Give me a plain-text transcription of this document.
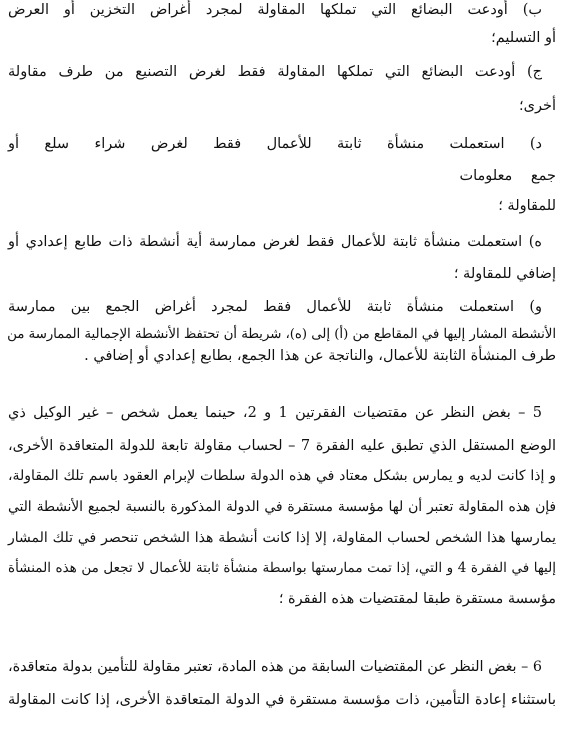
ب) أودعت البضائع التي تملكها المقاولة لمجرد أغراض التخزين أو العرض
أو التسليم؛
ج) أودعت البضائع التي تملكها المقاولة فقط لغرض التصنيع من طرف مقاولة
أخرى؛
د) استعملت منشأة ثابتة للأعمال فقط لغرض شراء سلع أو
جمع معلومات
للمقاولة ؛
ه) استعملت منشأة ثابتة للأعمال فقط لغرض ممارسة أية أنشطة ذات طابع إعدادي أو
إضافي للمقاولة ؛
و) استعملت منشأة ثابتة للأعمال فقط لمجرد أغراض الجمع بين ممارسة
الأنشطة المشار إليها في المقاطع من (أ) إلى (ه)، شريطة أن تحتفظ الأنشطة الإجمالية الممارسة من
طرف المنشأة الثابتة للأعمال، والناتجة عن هذا الجمع، بطابع إعدادي أو إضافي .
5 – بغض النظر عن مقتضيات الفقرتين 1 و 2، حينما يعمل شخص – غير الوكيل ذي
الوضع المستقل الذي تطبق عليه الفقرة 7 – لحساب مقاولة تابعة للدولة المتعاقدة الأخرى،
و إذا كانت لديه و يمارس بشكل معتاد في هذه الدولة سلطات لإبرام العقود باسم تلك المقاولة،
فإن هذه المقاولة تعتبر أن لها مؤسسة مستقرة في الدولة المذكورة بالنسبة لجميع الأنشطة التي
يمارسها هذا الشخص لحساب المقاولة، إلا إذا كانت أنشطة هذا الشخص تنحصر في تلك المشار
إليها في الفقرة 4 و التي، إذا تمت ممارستها بواسطة منشأة ثابتة للأعمال لا تجعل من هذه المنشأة
مؤسسة مستقرة طبقا لمقتضيات هذه الفقرة ؛
6 – بغض النظر عن المقتضيات السابقة من هذه المادة، تعتبر مقاولة للتأمين بدولة متعاقدة،
باستثناء إعادة التأمين، ذات مؤسسة مستقرة في الدولة المتعاقدة الأخرى، إذا كانت المقاولة
